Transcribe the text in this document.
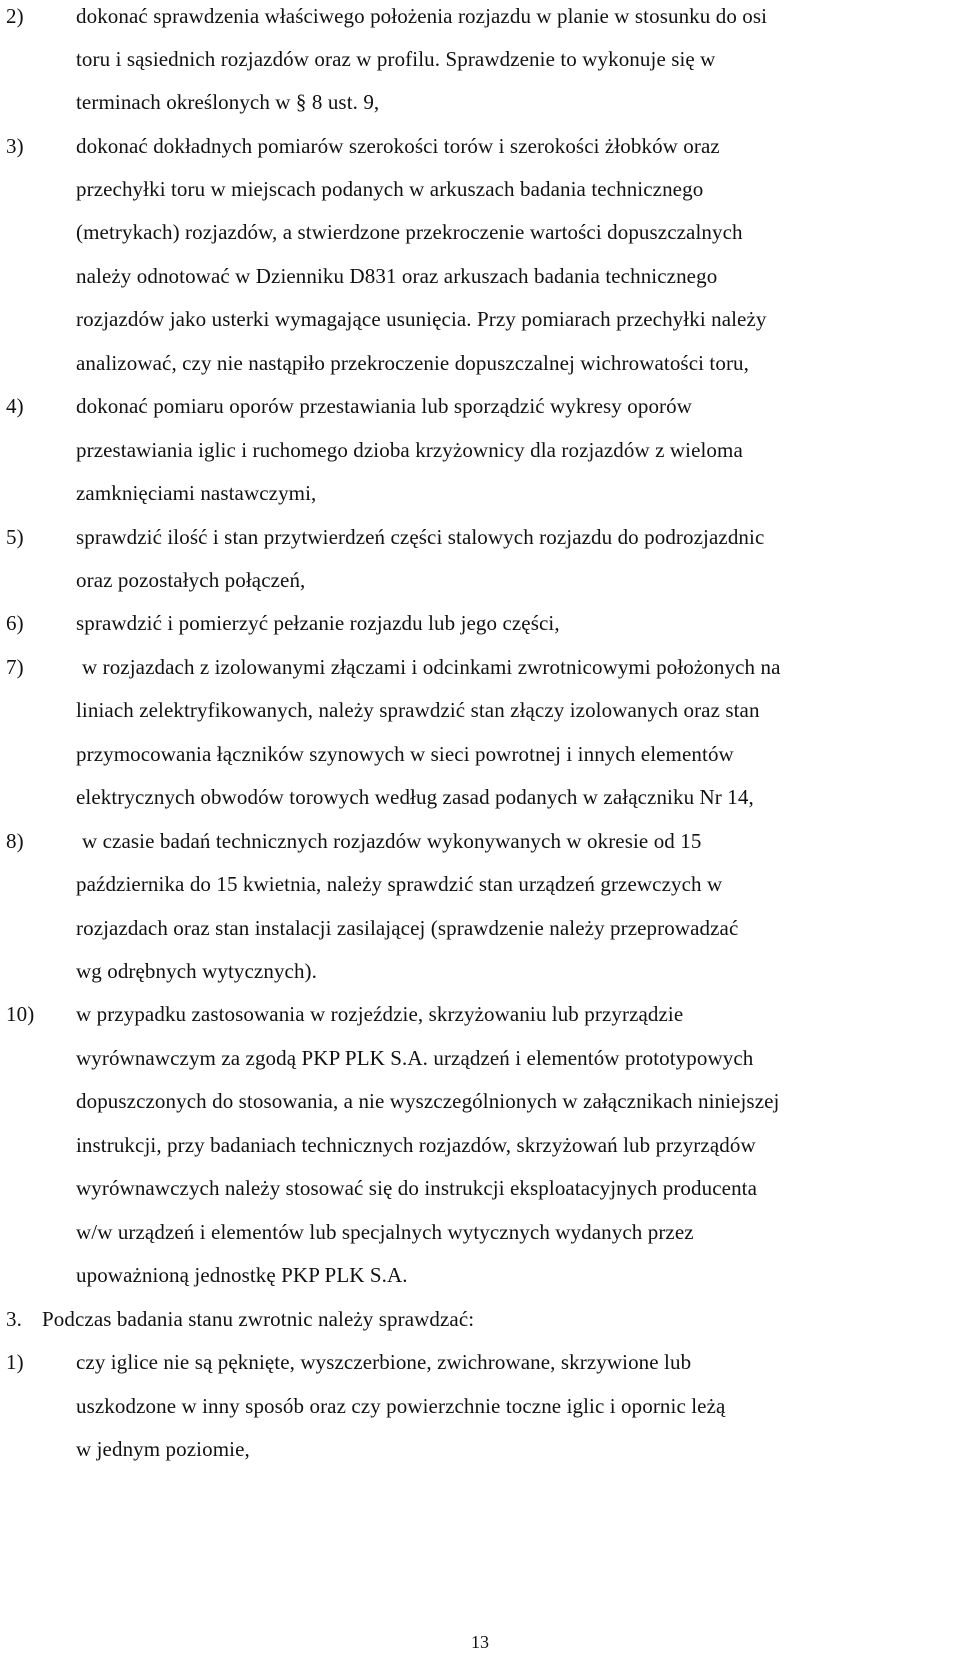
2) dokonać sprawdzenia właściwego położenia rozjazdu w planie w stosunku do osi
toru i sąsiednich rozjazdów oraz w profilu. Sprawdzenie to wykonuje się w
terminach określonych w § 8 ust. 9,
3) dokonać dokładnych pomiarów szerokości torów i szerokości żłobków oraz
przechyłki toru w miejscach podanych w arkuszach badania technicznego
(metrykach) rozjazdów, a stwierdzone przekroczenie wartości dopuszczalnych
należy odnotować w Dzienniku D831 oraz arkuszach badania technicznego
rozjazdów jako usterki wymagające usunięcia. Przy pomiarach przechyłki należy
analizować, czy nie nastąpiło przekroczenie dopuszczalnej wichrowatości toru,
4) dokonać pomiaru oporów przestawiania lub sporządzić wykresy oporów
przestawiania iglic i ruchomego dzioba krzyżownicy dla rozjazdów z wieloma
zamknięciami nastawczymi,
5) sprawdzić ilość i stan przytwierdzeń części stalowych rozjazdu do podrozjazdnic
oraz pozostałych połączeń,
6) sprawdzić i pomierzyć pełzanie rozjazdu lub jego części,
7)	w rozjazdach z izolowanymi złączami i odcinkami zwrotnicowymi położonych na
liniach zelektryfikowanych, należy sprawdzić stan złączy izolowanych oraz stan
przymocowania łączników szynowych w sieci powrotnej i innych elementów
elektrycznych obwodów torowych według zasad podanych w załączniku Nr 14,
8)	w czasie badań technicznych rozjazdów wykonywanych w okresie od 15
października do 15 kwietnia, należy sprawdzić stan urządzeń grzewczych w
rozjazdach oraz stan instalacji zasilającej (sprawdzenie należy przeprowadzać
wg odrębnych wytycznych).
10) w przypadku zastosowania w rozjeździe, skrzyżowaniu lub przyrządzie
wyrównawczym za zgodą PKP PLK S.A. urządzeń i elementów prototypowych
dopuszczonych do stosowania, a nie wyszczególnionych w załącznikach niniejszej
instrukcji, przy badaniach technicznych rozjazdów, skrzyżowań lub przyrządów
wyrównawczych należy stosować się do instrukcji eksploatacyjnych producenta
w/w urządzeń i elementów lub specjalnych wytycznych wydanych przez
upoważnioną jednostkę PKP PLK S.A.
3. Podczas badania stanu zwrotnic należy sprawdzać:
1) czy iglice nie są pęknięte, wyszczerbione, zwichrowane, skrzywione lub
uszkodzone w inny sposób oraz czy powierzchnie toczne iglic i opornic leżą
w jednym poziomie,
13
